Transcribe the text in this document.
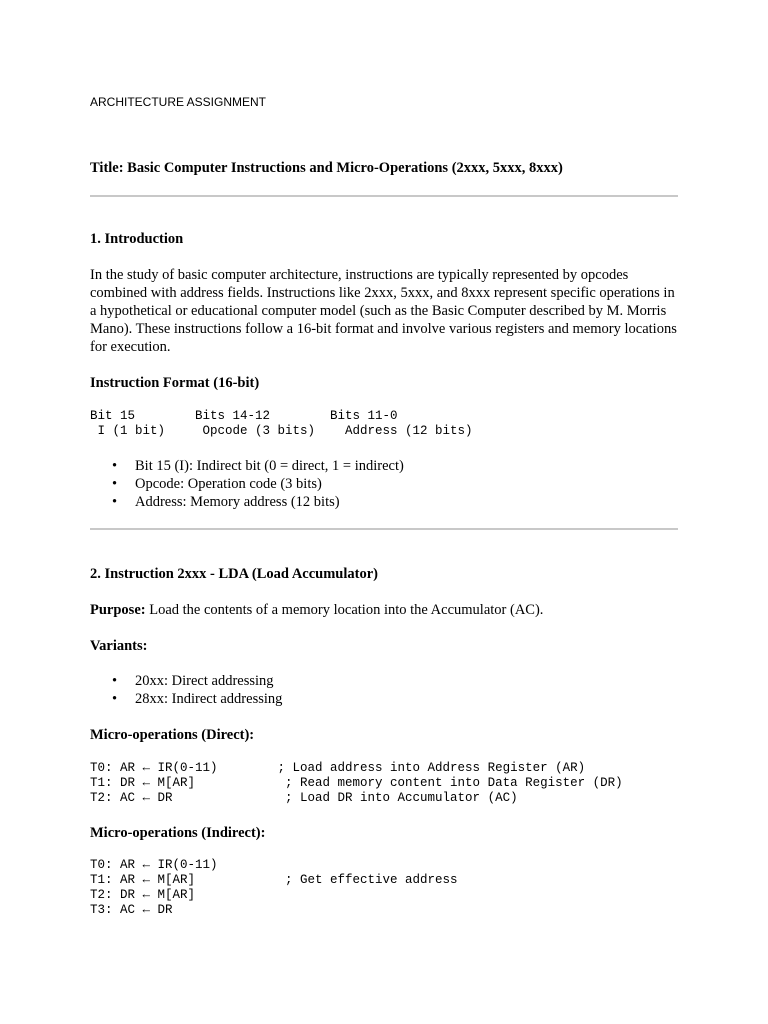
ARCHITECTURE ASSIGNMENT
Title: Basic Computer Instructions and Micro-Operations (2xxx, 5xxx, 8xxx)
1. Introduction
In the study of basic computer architecture, instructions are typically represented by opcodes combined with address fields. Instructions like 2xxx, 5xxx, and 8xxx represent specific operations in a hypothetical or educational computer model (such as the Basic Computer described by M. Morris Mano). These instructions follow a 16-bit format and involve various registers and memory locations for execution.
Instruction Format (16-bit)
Bit 15        Bits 14-12        Bits 11-0
I (1 bit)     Opcode (3 bits)    Address (12 bits)
• Bit 15 (I): Indirect bit (0 = direct, 1 = indirect)
• Opcode: Operation code (3 bits)
• Address: Memory address (12 bits)
2. Instruction 2xxx - LDA (Load Accumulator)
Purpose: Load the contents of a memory location into the Accumulator (AC).
Variants:
• 20xx: Direct addressing
• 28xx: Indirect addressing
Micro-operations (Direct):
T0: AR ← IR(0-11)        ; Load address into Address Register (AR)
T1: DR ← M[AR]            ; Read memory content into Data Register (DR)
T2: AC ← DR               ; Load DR into Accumulator (AC)
Micro-operations (Indirect):
T0: AR ← IR(0-11)
T1: AR ← M[AR]            ; Get effective address
T2: DR ← M[AR]
T3: AC ← DR
